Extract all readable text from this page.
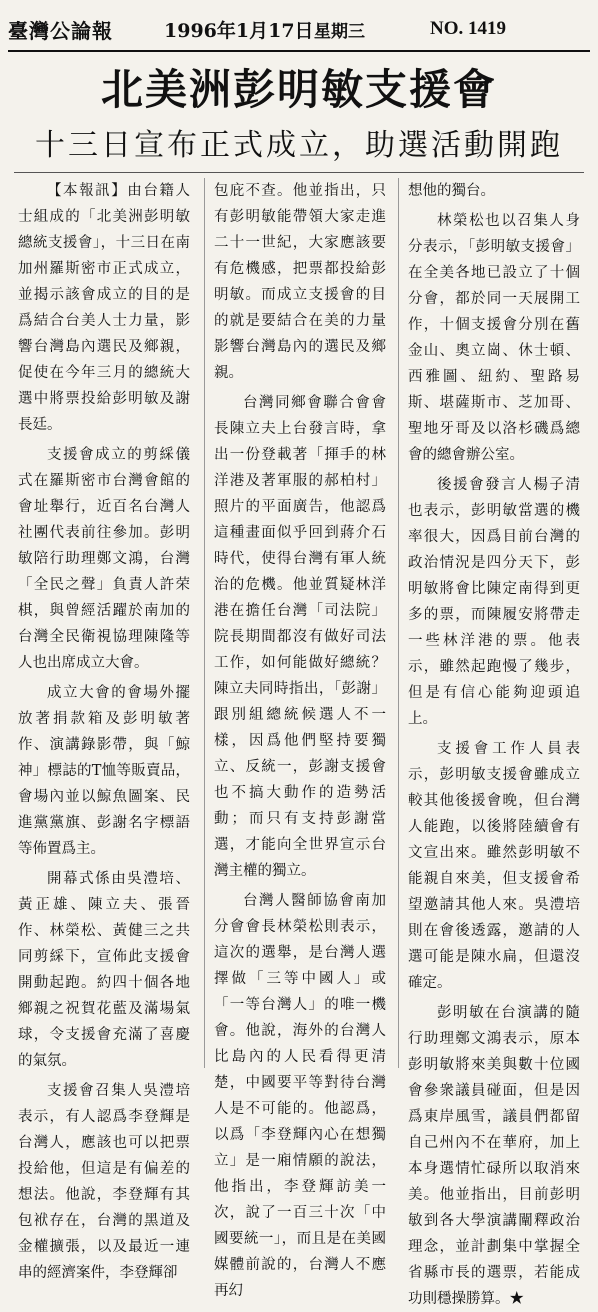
臺灣公論報	1996年1月17日 星期三	NO. 1419
北美洲彭明敏支援會
十三日宣布正式成立，助選活動開跑

【本報訊】由台籍人士組成的「北美洲彭明敏總統支援會」，十三日在南加州羅斯密市正式成立，並揭示該會成立的目的是爲結合台美人士力量，影響台灣島內選民及鄉親，促使在今年三月的總統大選中將票投給彭明敏及謝長廷。

支援會成立的剪綵儀式在羅斯密市台灣會館的會址舉行，近百名台灣人社團代表前往參加。彭明敏陪行助理鄭文鴻，台灣「全民之聲」負責人許荣棋，與曾經活躍於南加的台灣全民衛視協理陳隆等人也出席成立大會。

成立大會的會場外擺放著捐款箱及彭明敏著作、演講錄影帶，與「鯨神」標誌的T恤等販賣品，會場內並以鯨魚圖案、民進黨黨旗、彭謝名字標語等佈置爲主。

開幕式係由吳澧培、黃正雄、陳立夫、張晉作、林榮松、黃健三之共同剪綵下，宣佈此支援會開動起跑。約四十個各地鄉親之祝賀花藍及滿場氣球，令支援會充滿了喜慶的氣氛。

支援會召集人吳澧培表示，有人認爲李登輝是台灣人，應該也可以把票投給他，但這是有偏差的想法。他說，李登輝有其包袱存在，台灣的黑道及金權擴張，以及最近一連串的經濟案件，李登輝卻

包庇不查。他並指出，只有彭明敏能帶領大家走進二十一世紀，大家應該要有危機感，把票都投給彭明敏。而成立支援會的目的就是要結合在美的力量影響台灣島內的選民及鄉親。

台灣同鄉會聯合會會長陳立夫上台發言時，拿出一份登載著「揮手的林洋港及著軍服的郝柏村」照片的平面廣告，他認爲這種畫面似乎回到蔣介石時代，使得台灣有軍人統治的危機。他並質疑林洋港在擔任台灣「司法院」院長期間都沒有做好司法工作，如何能做好總統？陳立夫同時指出，「彭謝」跟別組總統候選人不一樣，因爲他們堅持要獨立、反統一，彭謝支援會也不搞大動作的造勢活動；而只有支持彭謝當選，才能向全世界宣示台灣主權的獨立。

台灣人醫師協會南加分會會長林榮松則表示，這次的選舉，是台灣人選擇做「三等中國人」或「一等台灣人」的唯一機會。他說，海外的台灣人比島內的人民看得更清楚，中國要平等對待台灣人是不可能的。他認爲，以爲「李登輝內心在想獨立」是一廂情願的說法，他指出，李登輝訪美一次，說了一百三十次「中國要統一」，而且是在美國媒體前說的，台灣人不應再幻

想他的獨台。

林榮松也以召集人身分表示，「彭明敏支援會」在全美各地已設立了十個分會，都於同一天展開工作，十個支援會分別在舊金山、奧立崗、休士頓、西雅圖、紐約、聖路易斯、堪薩斯市、芝加哥、聖地牙哥及以洛杉磯爲總會的總會辦公室。

後援會發言人楊子清也表示，彭明敏當選的機率很大，因爲目前台灣的政治情況是四分天下，彭明敏將會比陳定南得到更多的票，而陳履安將帶走一些林洋港的票。他表示，雖然起跑慢了幾步，但是有信心能夠迎頭追上。

支援會工作人員表示，彭明敏支援會雖成立較其他後援會晚，但台灣人能跑，以後將陸續會有文宣出來。雖然彭明敏不能親自來美，但支援會希望邀請其他人來。吳澧培則在會後透露，邀請的人選可能是陳水扁，但還沒確定。

彭明敏在台演講的隨行助理鄭文鴻表示，原本彭明敏將來美與數十位國會參衆議員碰面，但是因爲東岸風雪，議員們都留自己州內不在華府，加上本身選情忙碌所以取消來美。他並指出，目前彭明敏到各大學演講闡釋政治理念，並計劃集中掌握全省縣市長的選票，若能成功則穩操勝算。★
